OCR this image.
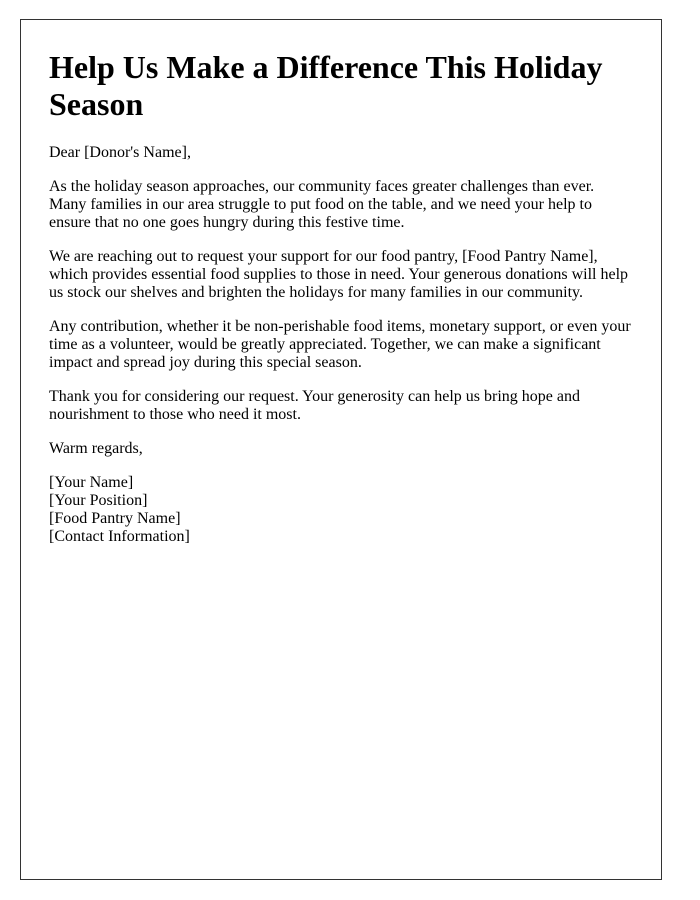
Help Us Make a Difference This Holiday Season

Dear [Donor's Name],

As the holiday season approaches, our community faces greater challenges than ever. Many families in our area struggle to put food on the table, and we need your help to ensure that no one goes hungry during this festive time.

We are reaching out to request your support for our food pantry, [Food Pantry Name], which provides essential food supplies to those in need. Your generous donations will help us stock our shelves and brighten the holidays for many families in our community.

Any contribution, whether it be non-perishable food items, monetary support, or even your time as a volunteer, would be greatly appreciated. Together, we can make a significant impact and spread joy during this special season.

Thank you for considering our request. Your generosity can help us bring hope and nourishment to those who need it most.

Warm regards,

[Your Name]
[Your Position]
[Food Pantry Name]
[Contact Information]
